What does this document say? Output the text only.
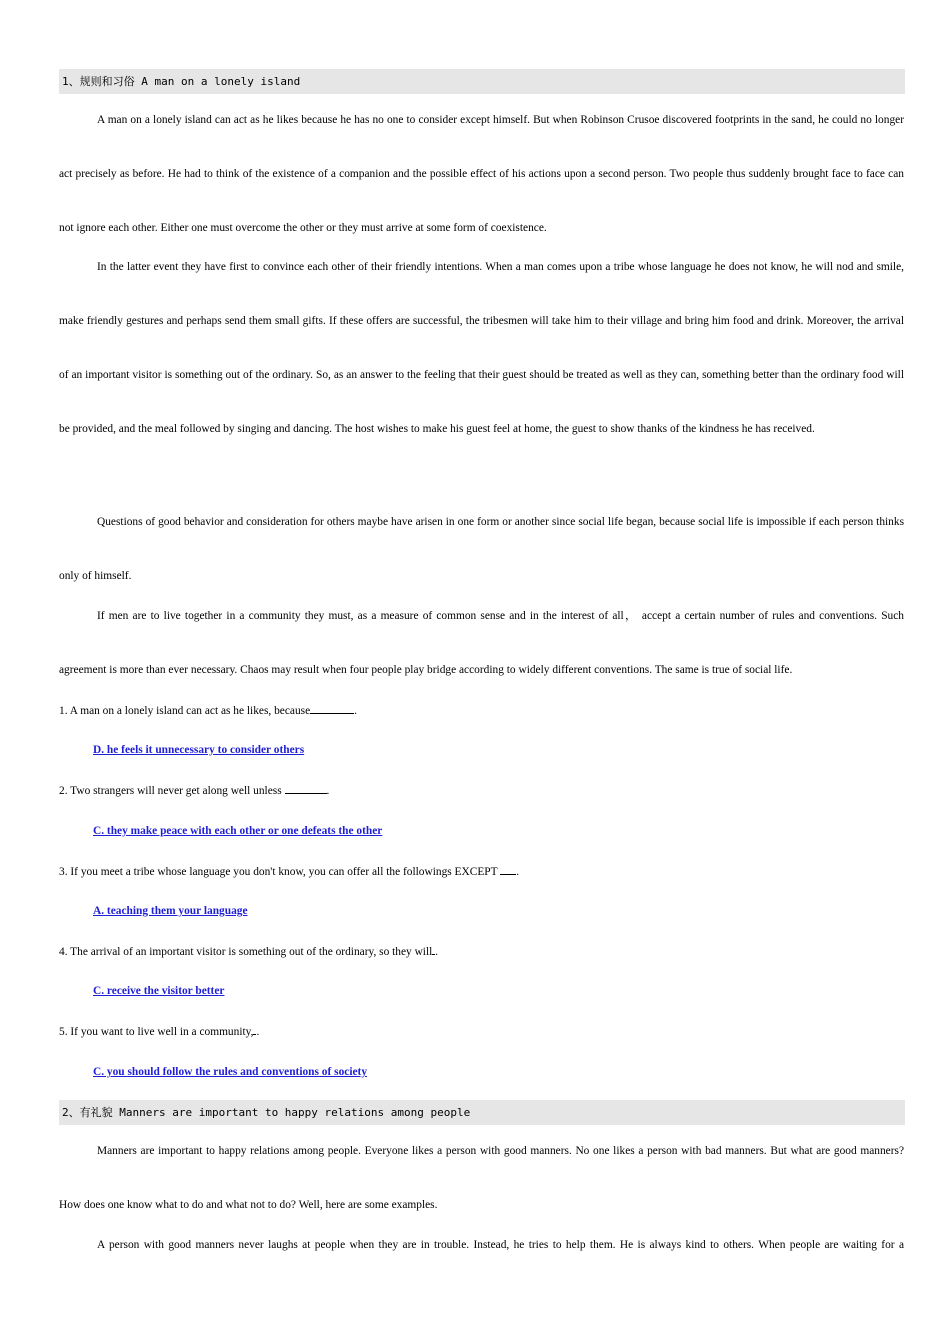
1、规则和习俗 A man on a lonely island

A man on a lonely island can act as he likes because he has no one to consider except himself. But when Robinson Crusoe discovered footprints in the sand, he could no longer act precisely as before. He had to think of the existence of a companion and the possible effect of his actions upon a second person. Two people thus suddenly brought face to face can not ignore each other. Either one must overcome the other or they must arrive at some form of coexistence.

In the latter event they have first to convince each other of their friendly intentions. When a man comes upon a tribe whose language he does not know, he will nod and smile, make friendly gestures and perhaps send them small gifts. If these offers are successful, the tribesmen will take him to their village and bring him food and drink. Moreover, the arrival of an important visitor is something out of the ordinary. So, as an answer to the feeling that their guest should be treated as well as they can, something better than the ordinary food will be provided, and the meal followed by singing and dancing. The host wishes to make his guest feel at home, the guest to show thanks of the kindness he has received.

Questions of good behavior and consideration for others maybe have arisen in one form or another since social life began, because social life is impossible if each person thinks only of himself.

If men are to live together in a community they must, as a measure of common sense and in the interest of all， accept a certain number of rules and conventions. Such agreement is more than ever necessary. Chaos may result when four people play bridge according to widely different conventions. The same is true of social life.

1. A man on a lonely island can act as he likes, because	.
D. he feels it unnecessary to consider others
2. Two strangers will never get along well unless	.
C. they make peace with each other or one defeats the other
3. If you meet a tribe whose language you don't know, you can offer all the followings EXCEPT .
A. teaching them your language
4. The arrival of an important visitor is something out of the ordinary, so they will .
C. receive the visitor better
5. If you want to live well in a community, .
C. you should follow the rules and conventions of society
2、有礼貌 Manners are important to happy relations among people

Manners are important to happy relations among people. Everyone likes a person with good manners. No one likes a person with bad manners. But what are good manners? How does one know what to do and what not to do? Well, here are some examples.

A person with good manners never laughs at people when they are in trouble. Instead, he tries to help them. He is always kind to others. When people are waiting for a
